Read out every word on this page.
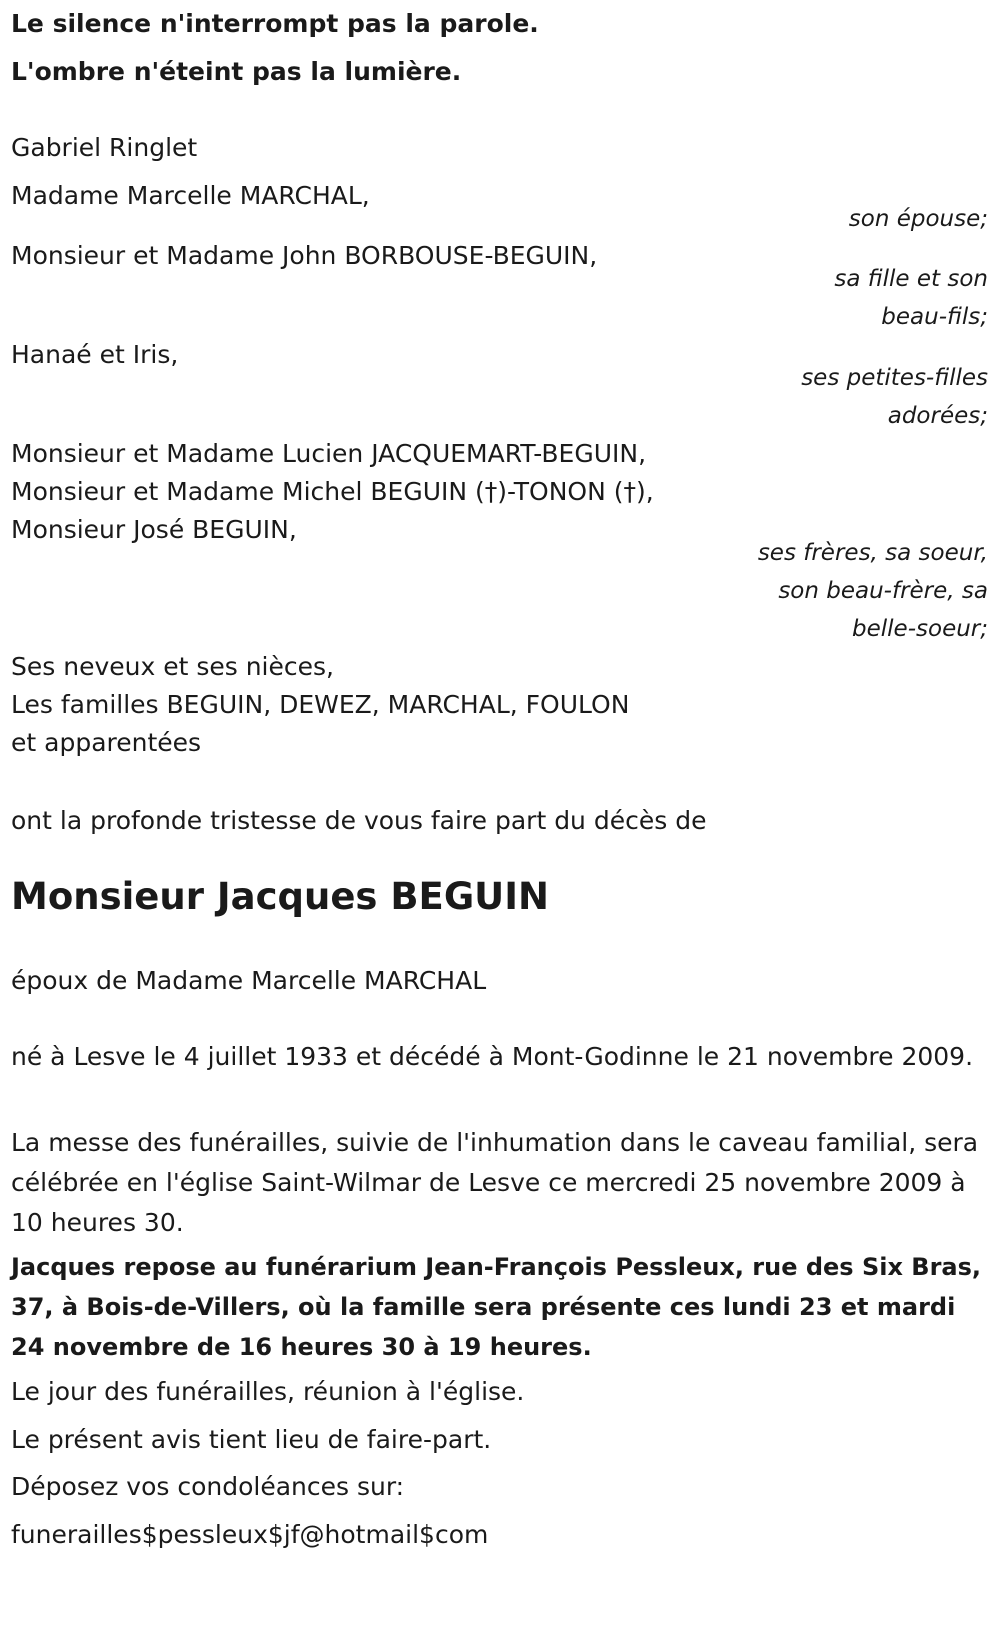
Le silence n'interrompt pas la parole.
L'ombre n'éteint pas la lumière.
Gabriel Ringlet
Madame Marcelle MARCHAL,
son épouse;
Monsieur et Madame John BORBOUSE-BEGUIN,
sa fille et son
beau-fils;
Hanaé et Iris,
ses petites-filles
adorées;
Monsieur et Madame Lucien JACQUEMART-BEGUIN,
Monsieur et Madame Michel BEGUIN (†)-TONON (†),
Monsieur José BEGUIN,
ses frères, sa soeur,
son beau-frère, sa
belle-soeur;
Ses neveux et ses nièces,
Les familles BEGUIN, DEWEZ, MARCHAL, FOULON
et apparentées
ont la profonde tristesse de vous faire part du décès de
Monsieur Jacques BEGUIN
époux de Madame Marcelle MARCHAL
né à Lesve le 4 juillet 1933 et décédé à Mont-Godinne le 21 novembre 2009.
La messe des funérailles, suivie de l'inhumation dans le caveau familial, sera célébrée en l'église Saint-Wilmar de Lesve ce mercredi 25 novembre 2009 à 10 heures 30.
Jacques repose au funérarium Jean-François Pessleux, rue des Six Bras, 37, à Bois-de-Villers, où la famille sera présente ces lundi 23 et mardi 24 novembre de 16 heures 30 à 19 heures.
Le jour des funérailles, réunion à l'église.
Le présent avis tient lieu de faire-part.
Déposez vos condoléances sur:
funerailles$pessleux$jf@hotmail$com
